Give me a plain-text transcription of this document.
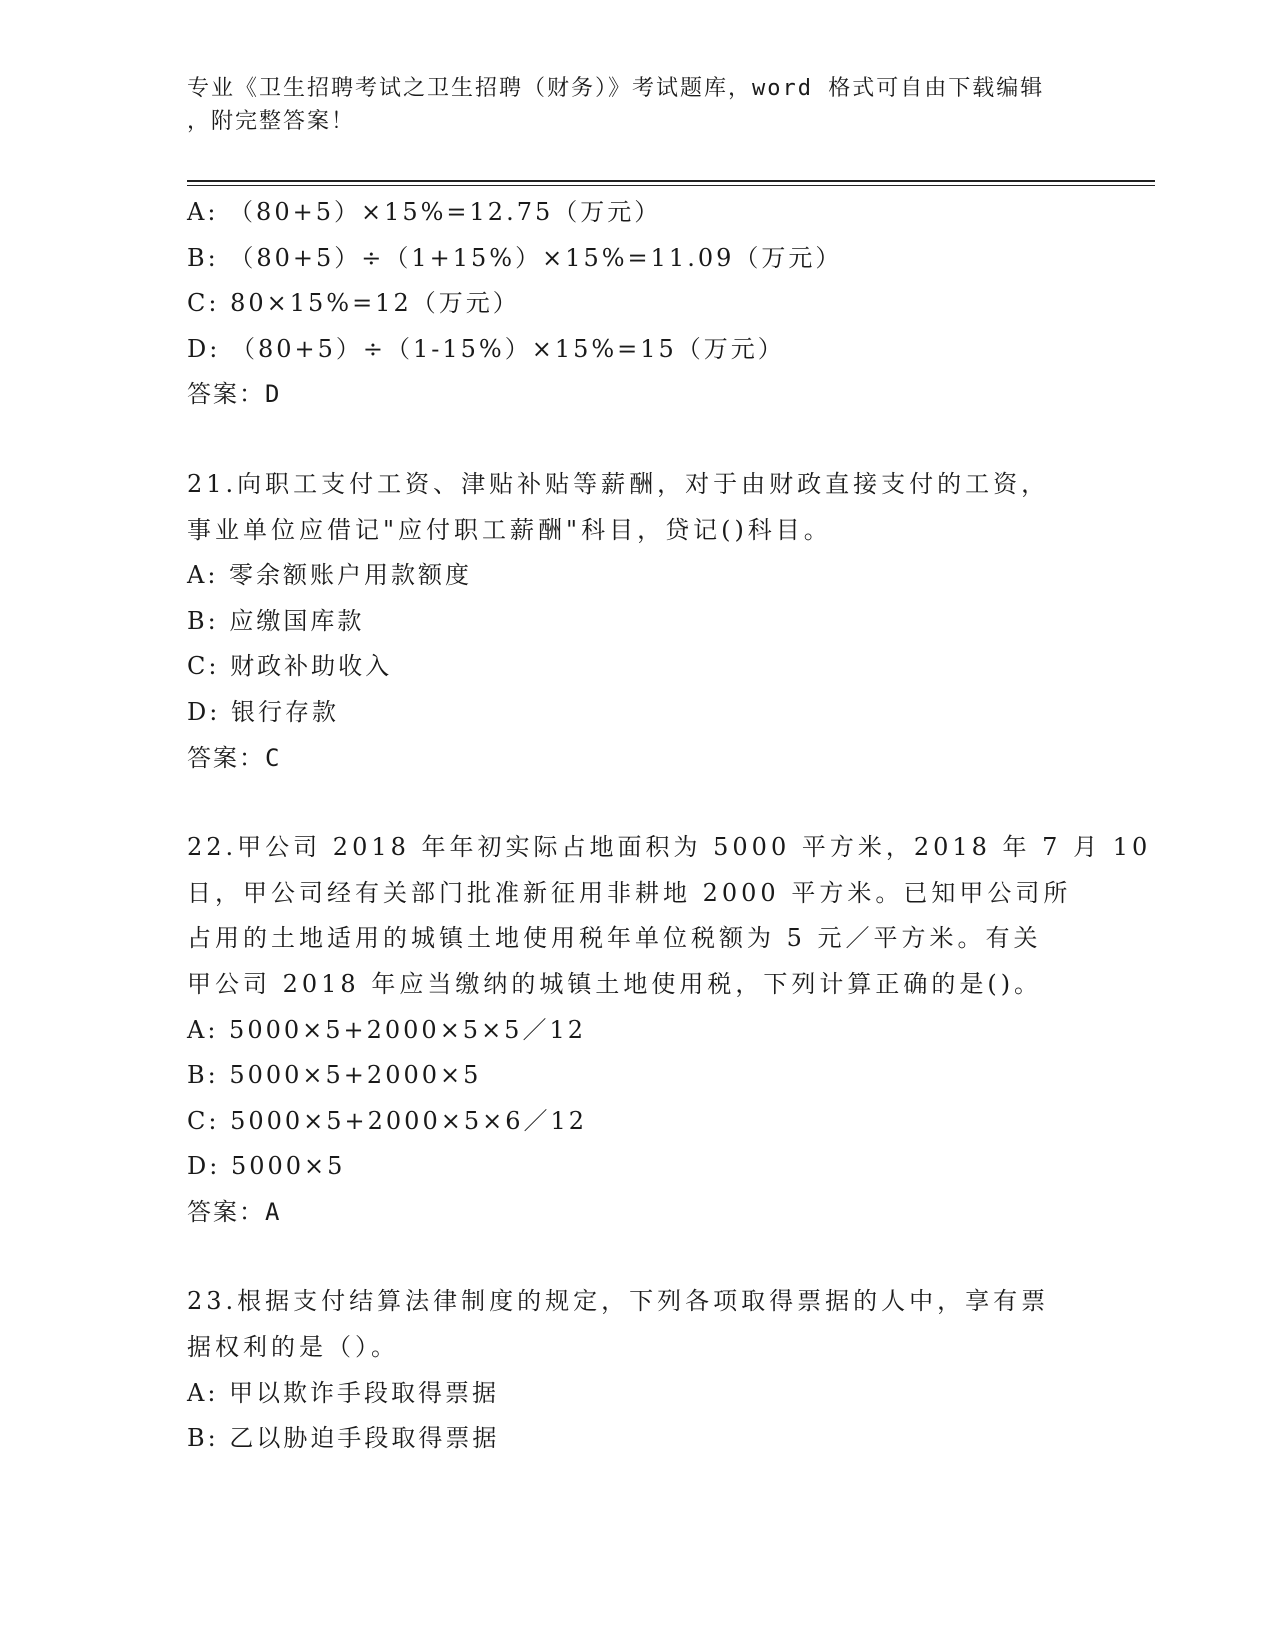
专业《卫生招聘考试之卫生招聘（财务）》考试题库，word 格式可自由下载编辑
，附完整答案！
A: （80+5）×15%=12.75（万元）
B: （80+5）÷（1+15%）×15%=11.09（万元）
C: 80×15%=12（万元）
D: （80+5）÷（1-15%）×15%=15（万元）
答案：D
21.向职工支付工资、津贴补贴等薪酬，对于由财政直接支付的工资，
事业单位应借记"应付职工薪酬"科目，贷记()科目。
A: 零余额账户用款额度
B: 应缴国库款
C: 财政补助收入
D: 银行存款
答案：C
22.甲公司 2018 年年初实际占地面积为 5000 平方米，2018 年 7 月 10
日，甲公司经有关部门批准新征用非耕地 2000 平方米。已知甲公司所
占用的土地适用的城镇土地使用税年单位税额为 5 元／平方米。有关
甲公司 2018 年应当缴纳的城镇土地使用税，下列计算正确的是()。
A: 5000×5+2000×5×5／12
B: 5000×5+2000×5
C: 5000×5+2000×5×6／12
D: 5000×5
答案：A
23.根据支付结算法律制度的规定，下列各项取得票据的人中，享有票
据权利的是（）。
A: 甲以欺诈手段取得票据
B: 乙以胁迫手段取得票据
